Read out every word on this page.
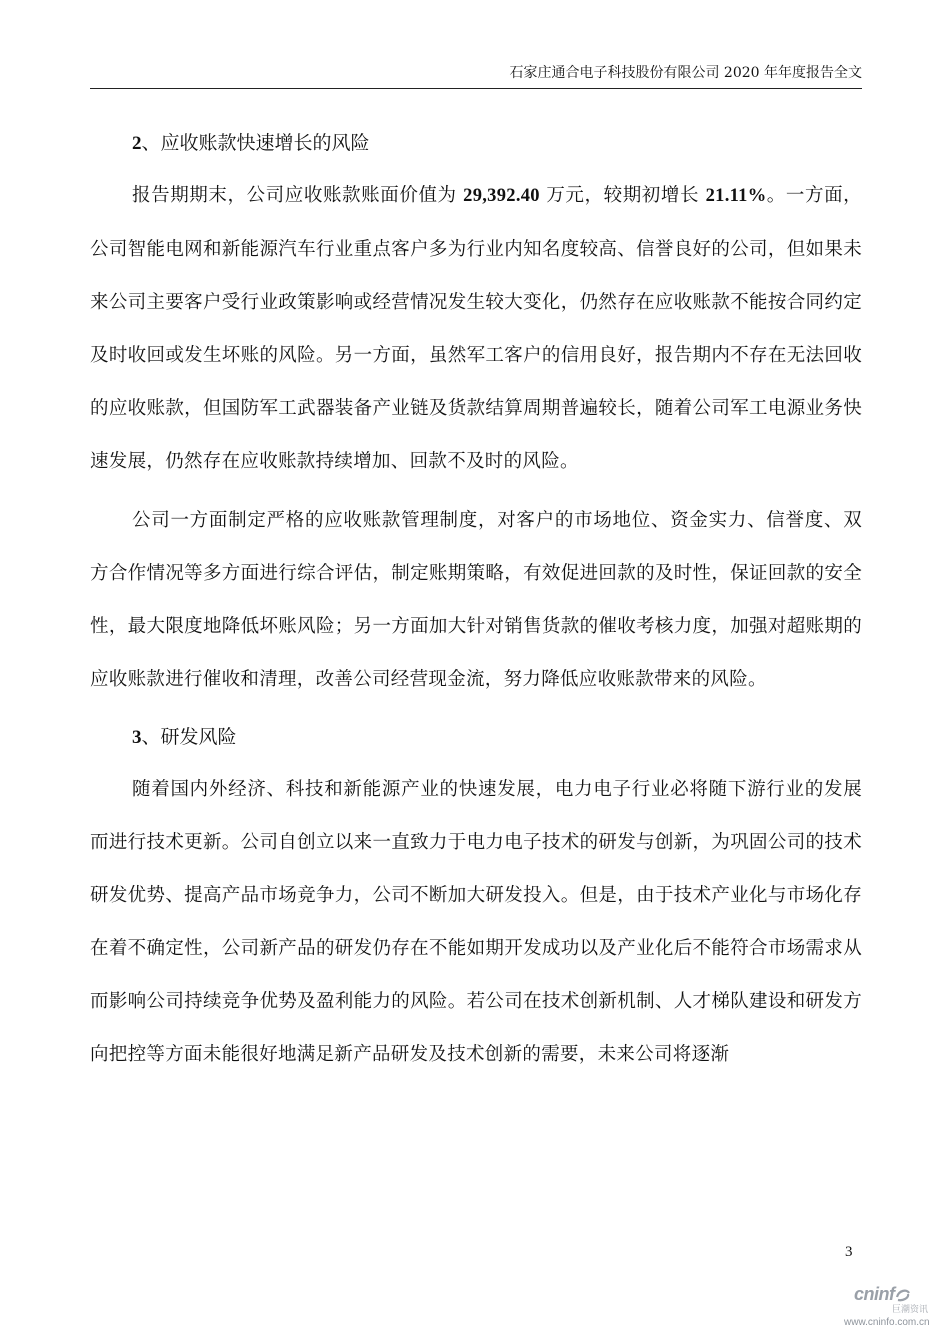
石家庄通合电子科技股份有限公司 2020 年年度报告全文
2、应收账款快速增长的风险

报告期期末，公司应收账款账面价值为 29,392.40 万元，较期初增长 21.11%。一方面，公司智能电网和新能源汽车行业重点客户多为行业内知名度较高、信誉良好的公司，但如果未来公司主要客户受行业政策影响或经营情况发生较大变化，仍然存在应收账款不能按合同约定及时收回或发生坏账的风险。另一方面，虽然军工客户的信用良好，报告期内不存在无法回收的应收账款，但国防军工武器装备产业链及货款结算周期普遍较长，随着公司军工电源业务快速发展，仍然存在应收账款持续增加、回款不及时的风险。

公司一方面制定严格的应收账款管理制度，对客户的市场地位、资金实力、信誉度、双方合作情况等多方面进行综合评估，制定账期策略，有效促进回款的及时性，保证回款的安全性，最大限度地降低坏账风险；另一方面加大针对销售货款的催收考核力度，加强对超账期的应收账款进行催收和清理，改善公司经营现金流，努力降低应收账款带来的风险。

3、研发风险

随着国内外经济、科技和新能源产业的快速发展，电力电子行业必将随下游行业的发展而进行技术更新。公司自创立以来一直致力于电力电子技术的研发与创新，为巩固公司的技术研发优势、提高产品市场竞争力，公司不断加大研发投入。但是，由于技术产业化与市场化存在着不确定性，公司新产品的研发仍存在不能如期开发成功以及产业化后不能符合市场需求从而影响公司持续竞争优势及盈利能力的风险。若公司在技术创新机制、人才梯队建设和研发方向把控等方面未能很好地满足新产品研发及技术创新的需要，未来公司将逐渐

3
cninf
巨潮资讯
www.cninfo.com.cn
